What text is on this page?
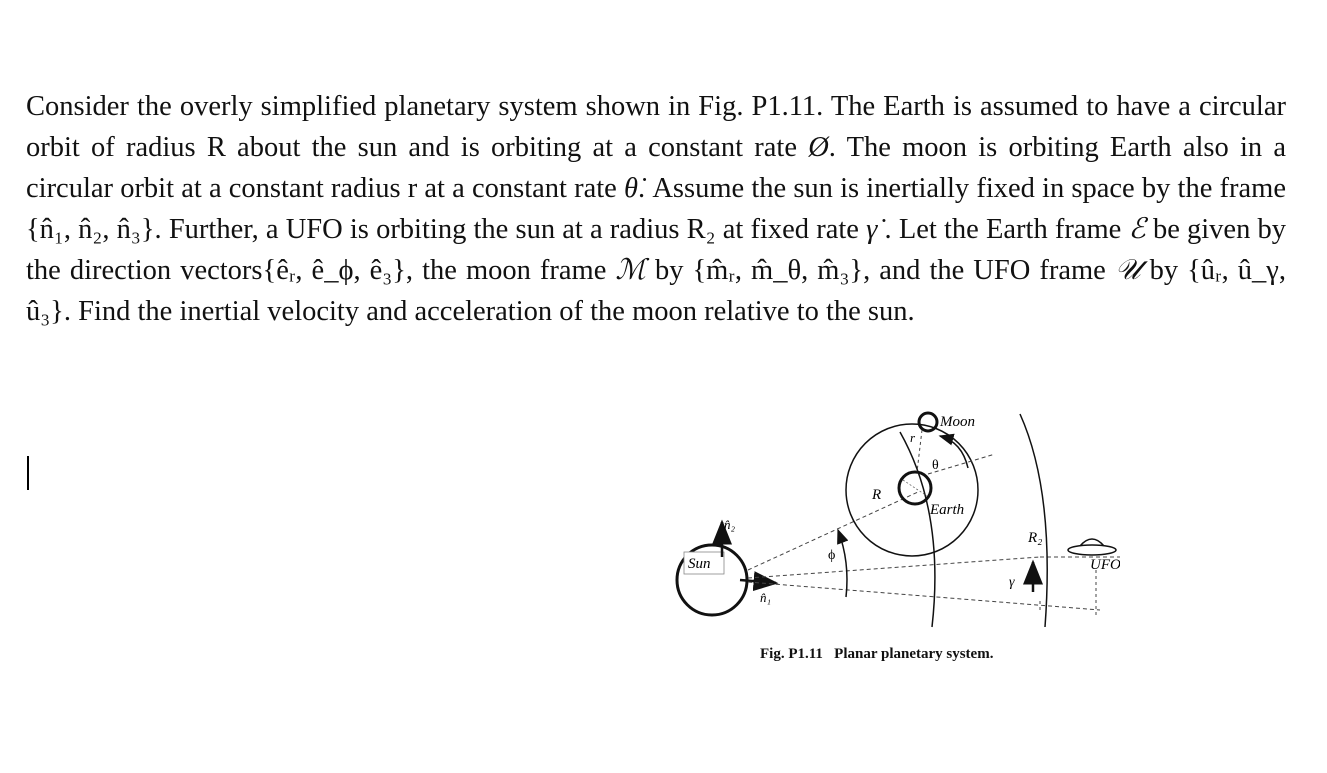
Consider the overly simplified planetary system shown in Fig. P1.11. The Earth is assumed to have a circular orbit of radius R about the sun and is orbiting at a constant rate Ø. The moon is orbiting Earth also in a circular orbit at a constant radius r at a constant rate θ̇. Assume the sun is inertially fixed in space by the frame {n̂₁, n̂₂, n̂₃}. Further, a UFO is orbiting the sun at a radius R₂ at fixed rate γ̇ . Let the Earth frame ℰ be given by the direction vectors{êᵣ, ê_ϕ, ê₃}, the moon frame ℳ by {m̂ᵣ, m̂_θ, m̂₃}, and the UFO frame 𝒰 by {ûᵣ, û_γ, û₃}. Find the inertial velocity and acceleration of the moon relative to the sun.

Sun
n̂₂
n̂₁
ϕ
Earth
R
Moon
r
θ
R₂
γ
UFO
Fig. P1.11   Planar planetary system.
